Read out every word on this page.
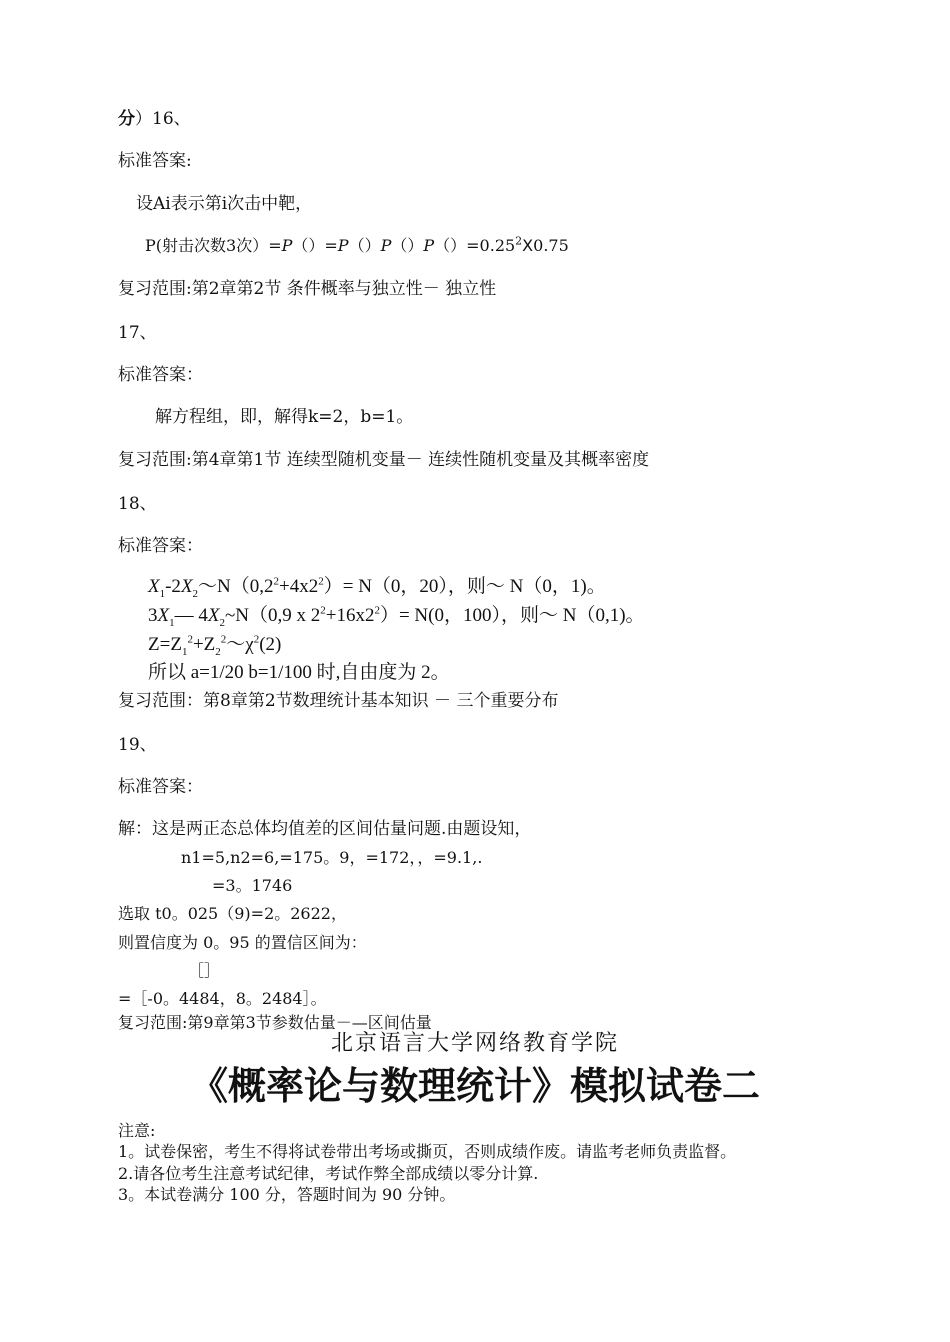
分）16、
标准答案:
设Ai表示第i次击中靶，
P(射击次数3次）$=P()=P()P()P()=0.25^2X0.75$
复习范围:第2章第2节 条件概率与独立性－ 独立性
17、
标准答案：
解方程组，即，解得k=2，b=1。
复习范围:第4章第1节 连续型随机变量－ 连续性随机变量及其概率密度
18、
标准答案：
$X_1-2X_2\sim N(0,2^2+4x2^2)= N(0$，20），则～ N（0，1)。
$3X_1—$ $4X_2\sim N(0,9$ x $2^2+16x2^2)= N(0$，100），则～ N（0,1)。
$Z=Z_1^2+Z_2^2\sim\chi^2(2)$
所以 a=1/20 b=1/100 时,自由度为 2。
复习范围：第8章第2节数理统计基本知识 － 三个重要分布
19、
标准答案：
解：这是两正态总体均值差的区间估量问题.由题设知，
n1=5,n2=6,=175。9，=172，，=9.1,.
=3。1746
选取 t0。025（9)=2。2622，
则置信度为 0。95 的置信区间为：
［］
=［-0。4484，8。2484］。
复习范围:第9章第3节参数估量－—区间估量
北京语言大学网络教育学院
《概率论与数理统计》模拟试卷二
注意:
1。试卷保密，考生不得将试卷带出考场或撕页，否则成绩作废。请监考老师负责监督。
2.请各位考生注意考试纪律，考试作弊全部成绩以零分计算.
3。本试卷满分 100 分，答题时间为 90 分钟。
